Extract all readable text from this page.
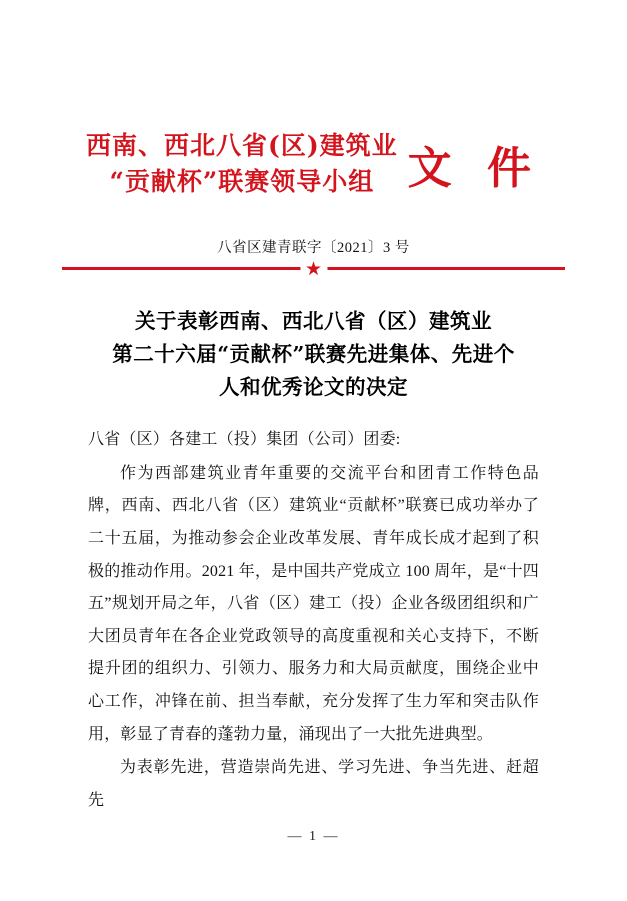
西南、西北八省(区)建筑业
“贡献杯”联赛领导小组 文 件
八省区建青联字〔2021〕3 号
★
关于表彰西南、西北八省（区）建筑业
第二十六届“贡献杯”联赛先进集体、先进个
人和优秀论文的决定

八省（区）各建工（投）集团（公司）团委:

作为西部建筑业青年重要的交流平台和团青工作特色品牌，西南、西北八省（区）建筑业“贡献杯”联赛已成功举办了二十五届，为推动参会企业改革发展、青年成长成才起到了积极的推动作用。2021 年，是中国共产党成立 100 周年，是“十四五”规划开局之年，八省（区）建工（投）企业各级团组织和广大团员青年在各企业党政领导的高度重视和关心支持下，不断提升团的组织力、引领力、服务力和大局贡献度，围绕企业中心工作，冲锋在前、担当奉献，充分发挥了生力军和突击队作用，彰显了青春的蓬勃力量，涌现出了一大批先进典型。

为表彰先进，营造崇尚先进、学习先进、争当先进、赶超先

— 1 —
